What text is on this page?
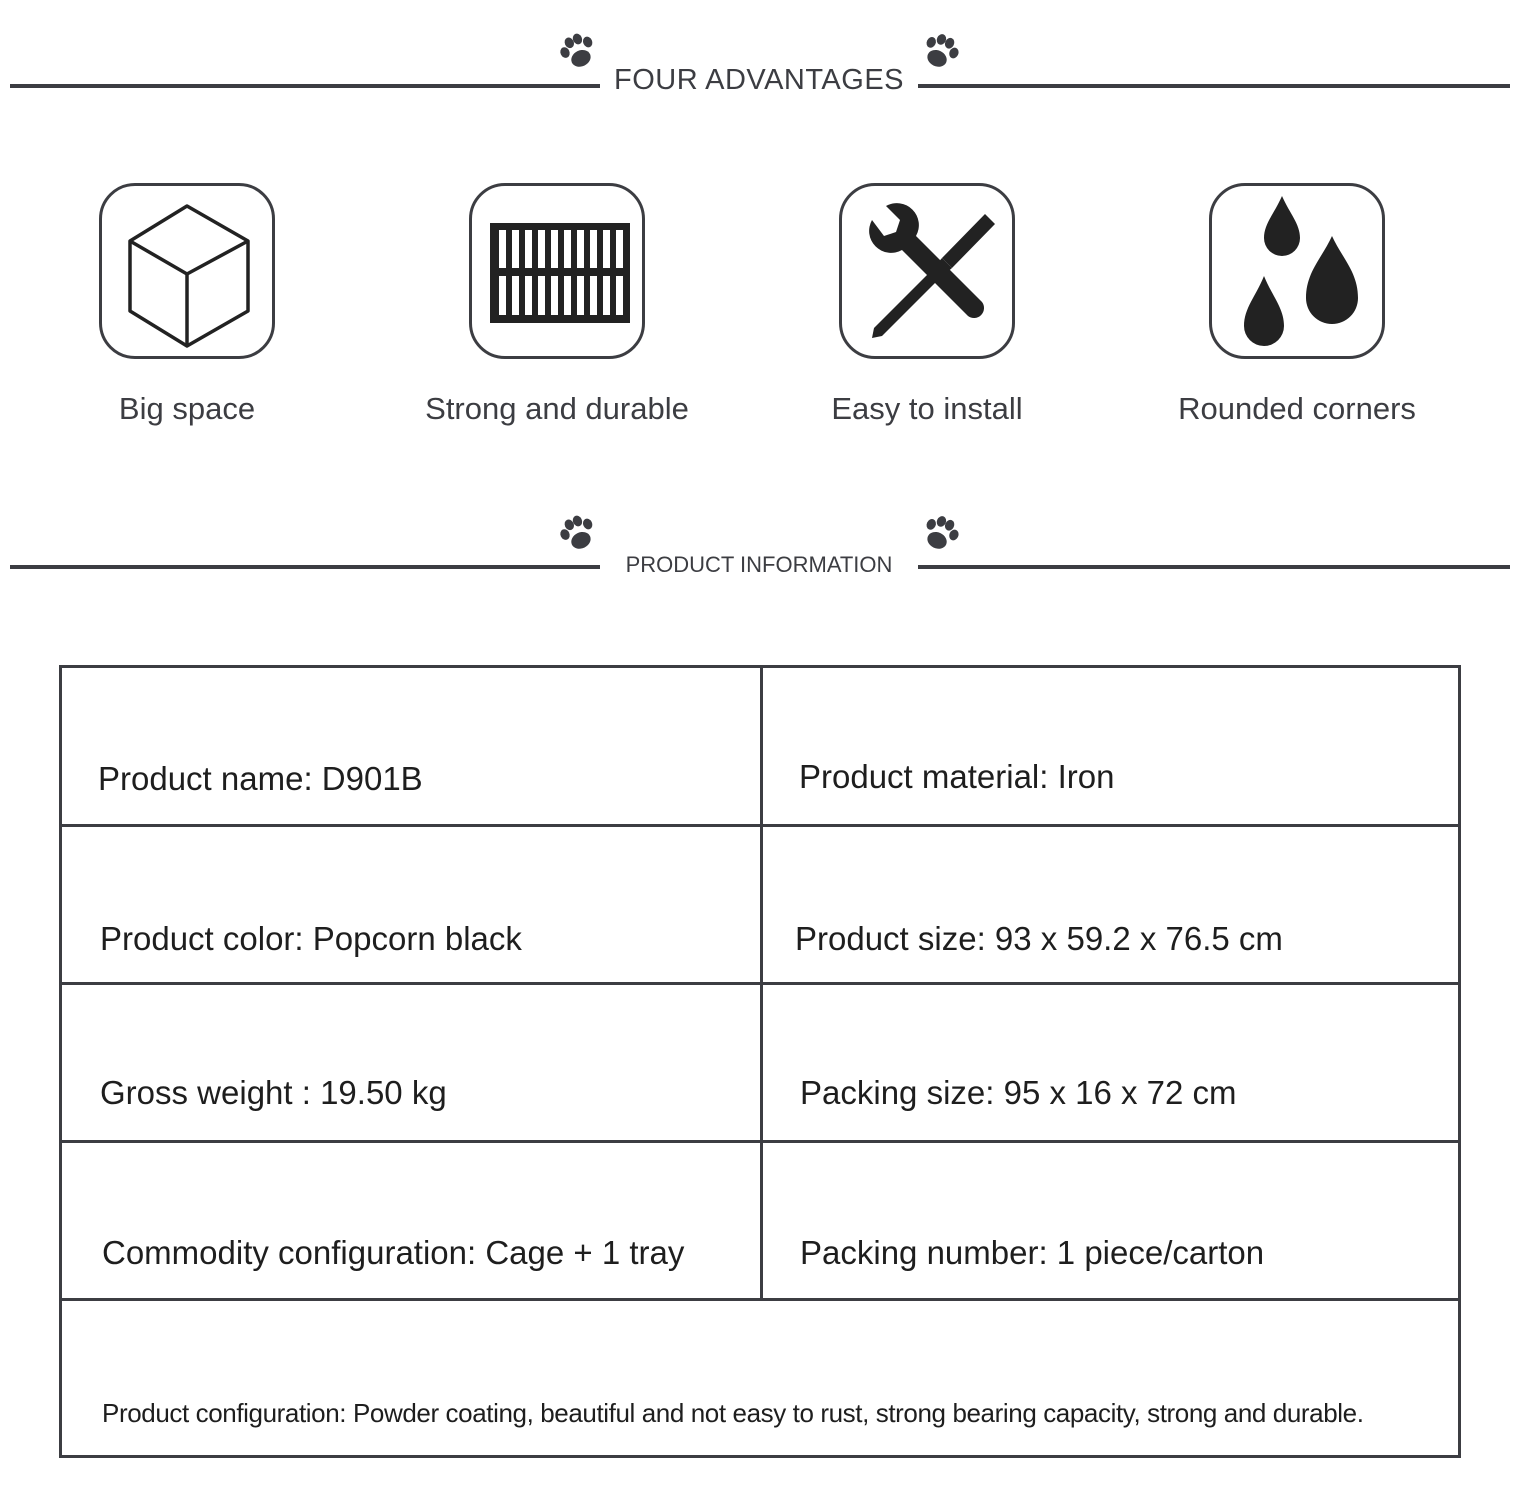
FOUR ADVANTAGES
Big space	Strong and durable	Easy to install	Rounded corners
PRODUCT INFORMATION
Product name: D901B	Product material: Iron
Product color: Popcorn black	Product size: 93 x 59.2 x 76.5 cm
Gross weight : 19.50 kg	Packing size: 95 x 16 x 72 cm
Commodity configuration: Cage + 1 tray	Packing number: 1 piece/carton
Product configuration: Powder coating, beautiful and not easy to rust, strong bearing capacity, strong and durable.
